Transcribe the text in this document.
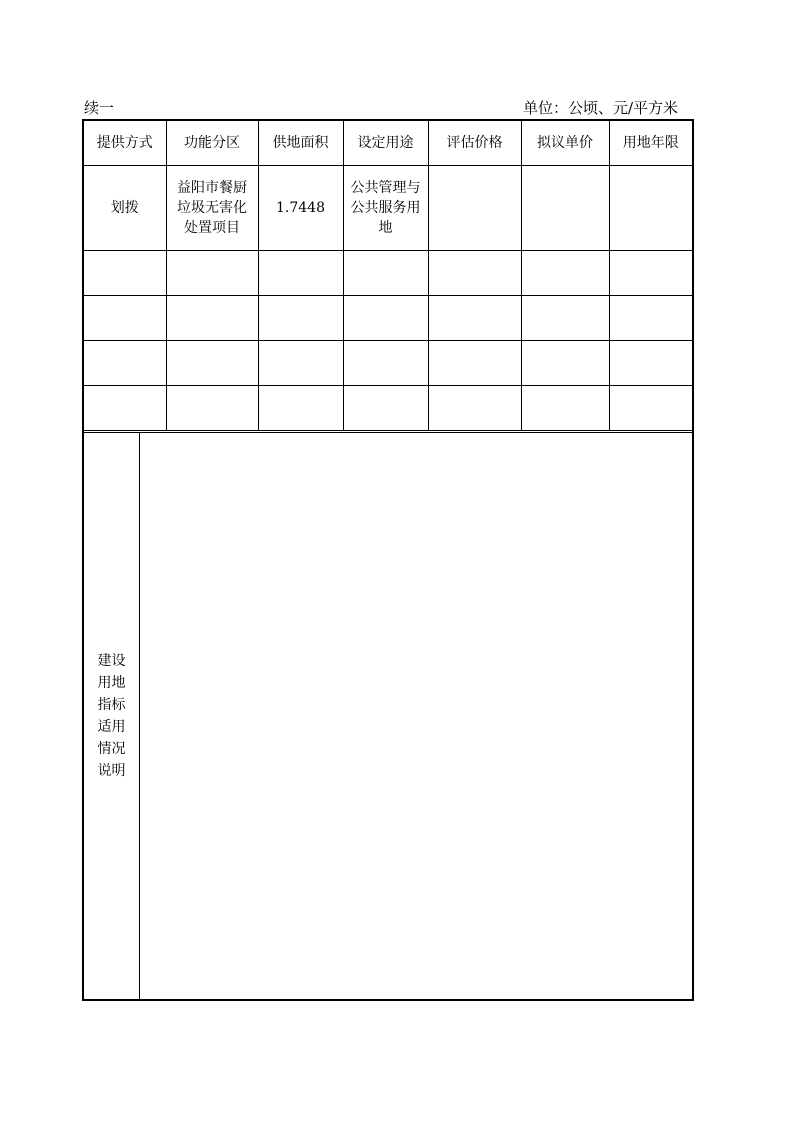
续一	单位：公顷、元/平方米
提供方式	功能分区	供地面积	设定用途	评估价格	拟议单价	用地年限
划拨	益阳市餐厨垃圾无害化处置项目	1.7448	公共管理与公共服务用地			

建设用地指标适用情况说明
